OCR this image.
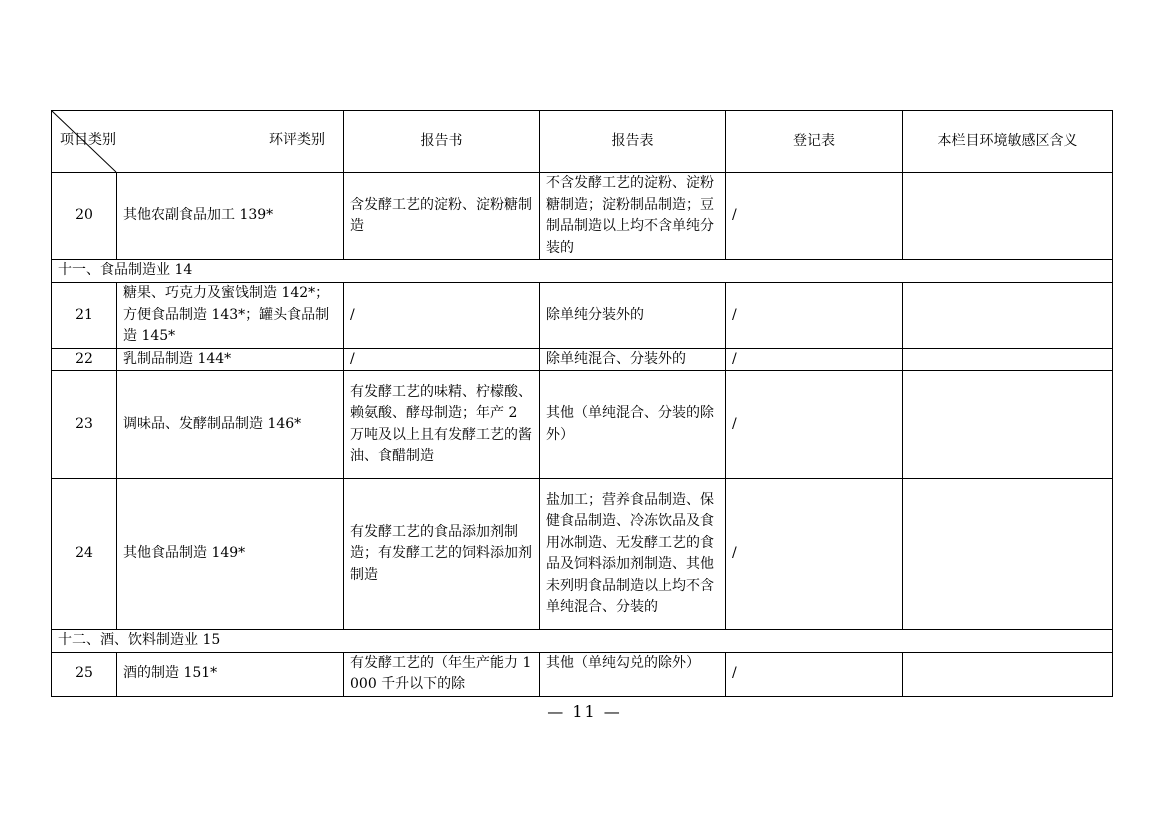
项目类别 环评类别		报告书	报告表	登记表	本栏目环境敏感区含义
20	其他农副食品加工 139*	含发酵工艺的淀粉、淀粉糖制造	不含发酵工艺的淀粉、淀粉糖制造；淀粉制品制造；豆制品制造以上均不含单纯分装的	/	
十一、食品制造业 14					
21	糖果、巧克力及蜜饯制造 142*；方便食品制造 143*；罐头食品制造 145*	/	除单纯分装外的	/	
22	乳制品制造 144*	/	除单纯混合、分装外的	/	
23	调味品、发酵制品制造 146*	有发酵工艺的味精、柠檬酸、赖氨酸、酵母制造；年产 2 万吨及以上且有发酵工艺的酱油、食醋制造	其他（单纯混合、分装的除外）	/	
24	其他食品制造 149*	有发酵工艺的食品添加剂制造；有发酵工艺的饲料添加剂制造	盐加工；营养食品制造、保健食品制造、冷冻饮品及食用冰制造、无发酵工艺的食品及饲料添加剂制造、其他未列明食品制造以上均不含单纯混合、分装的	/	
十二、酒、饮料制造业 15					
25	酒的制造 151*	有发酵工艺的（年生产能力 1000 千升以下的除	其他（单纯勾兑的除外）	/	
— 11 —
